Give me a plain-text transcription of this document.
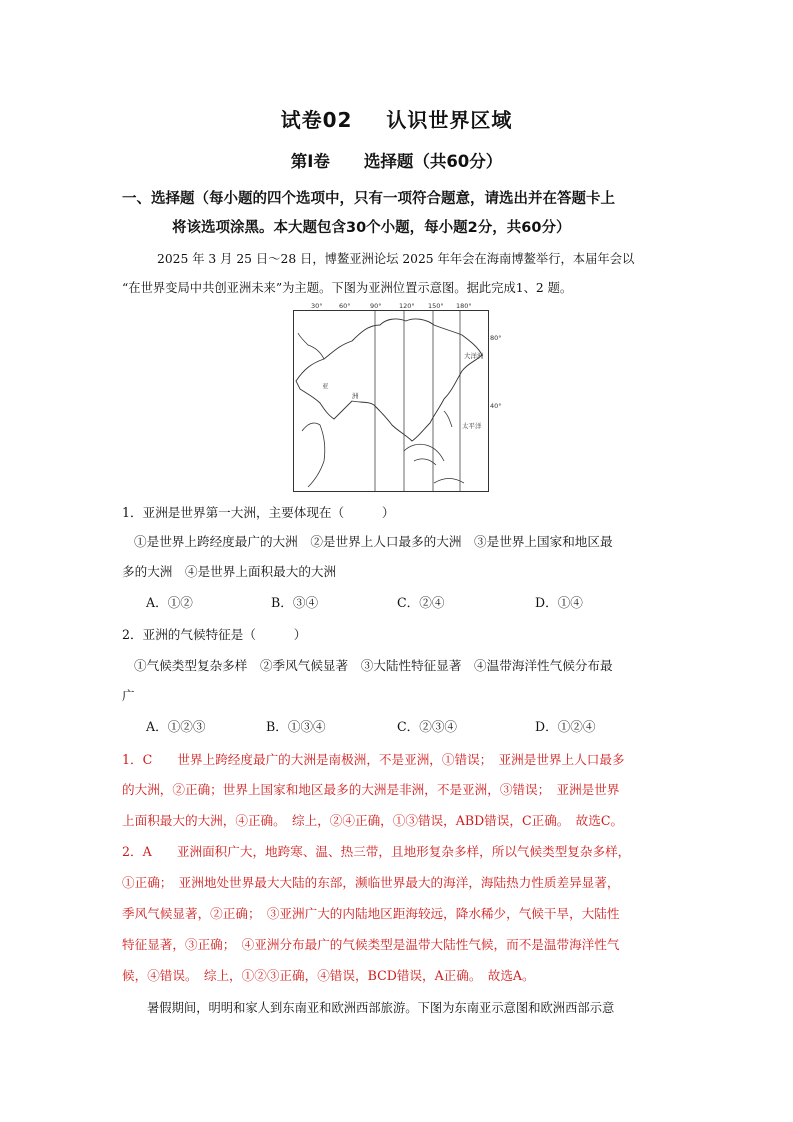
试卷02 认识世界区域
第Ⅰ卷 选择题（共60分）
一、选择题（每小题的四个选项中，只有一项符合题意，请选出并在答题卡上
将该选项涂黑。本大题包含30个小题，每小题2分，共60分）
2025 年 3 月 25 日～28 日，博鳌亚洲论坛 2025 年年会在海南博鳌举行，本届年会以
“在世界变局中共创亚洲未来”为主题。下图为亚洲位置示意图。据此完成1、2 题。
30°	60°	90°	120° 150° 180°
亚
洲
太平洋
大洋洲
80°
40°
1．亚洲是世界第一大洲，主要体现在（　　　）
①是世界上跨经度最广的大洲　②是世界上人口最多的大洲　③是世界上国家和地区最
多的大洲　④是世界上面积最大的大洲
A．①②	B．③④	C．②④	D．①④
2．亚洲的气候特征是（　　　）
①气候类型复杂多样　②季风气候显著　③大陆性特征显著　④温带海洋性气候分布最
广
A．①②③	B．①③④	C．②③④	D．①②④
1．C　　世界上跨经度最广的大洲是南极洲，不是亚洲，①错误；　亚洲是世界上人口最多
的大洲，②正确；世界上国家和地区最多的大洲是非洲，不是亚洲，③错误；　亚洲是世界
上面积最大的大洲，④正确。　综上，②④正确，①③错误，ABD错误，C正确。　故选C。
2．A　　亚洲面积广大，地跨寒、温、热三带，且地形复杂多样，所以气候类型复杂多样，
①正确；　亚洲地处世界最大大陆的东部，濒临世界最大的海洋，海陆热力性质差异显著，
季风气候显著，②正确；　③亚洲广大的内陆地区距海较远，降水稀少，气候干旱，大陆性
特征显著，③正确；　④亚洲分布最广的气候类型是温带大陆性气候，而不是温带海洋性气
候，④错误。　综上，①②③正确，④错误，BCD错误，A正确。　故选A。
暑假期间，明明和家人到东南亚和欧洲西部旅游。下图为东南亚示意图和欧洲西部示意
